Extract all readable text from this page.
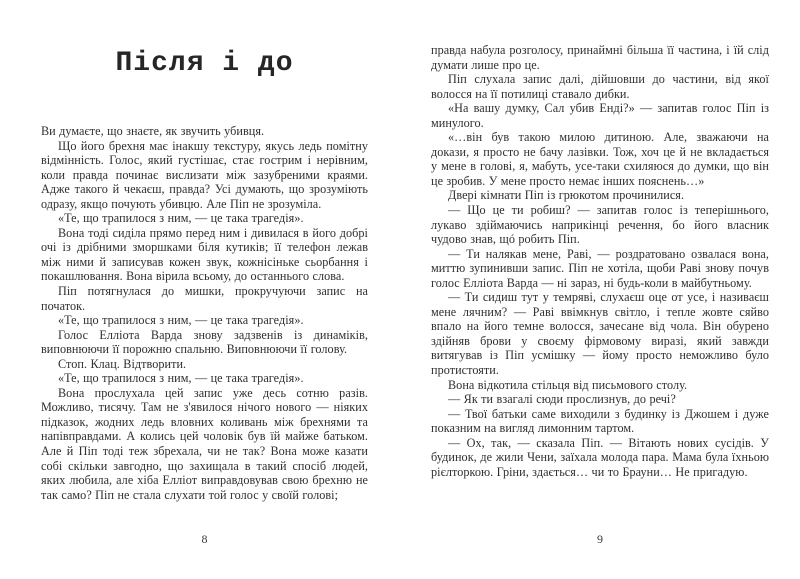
Після і до

Ви думаєте, що знаєте, як звучить убивця.

Що його брехня має інакшу текстуру, якусь ледь помітну відмінність. Голос, який густішає, стає гострим і нерівним, коли правда починає вислизати між зазубреними краями. Адже такого й чекаєш, правда? Усі думають, що зрозуміють одразу, якщо почують убивцю. Але Піп не зрозуміла.

«Те, що трапилося з ним, — це така трагедія».

Вона тоді сиділа прямо перед ним і дивилася в його добрі очі із дрібними зморшками біля кутиків; її телефон лежав між ними й записував кожен звук, кожнісіньке сьорбання і покашлювання. Вона вірила всьому, до останнього слова.

Піп потягнулася до мишки, прокручуючи запис на початок.

«Те, що трапилося з ним, — це така трагедія».

Голос Елліота Варда знову задзвенів із динаміків, виповнюючи її порожню спальню. Виповнюючи її голову.

Стоп. Клац. Відтворити.

«Те, що трапилося з ним, — це така трагедія».

Вона прослухала цей запис уже десь сотню разів. Можливо, тисячу. Там не з'явилося нічого нового — ніяких підказок, жодних ледь вловних коливань між брехнями та напівправдами. А колись цей чоловік був їй майже батьком. Але й Піп тоді теж збрехала, чи не так? Вона може казати собі скільки завгодно, що захищала в такий спосіб людей, яких любила, але хіба Елліот виправдовував свою брехню не так само? Піп не стала слухати той голос у своїй голові;

8

правда набула розголосу, принаймні більша її частина, і їй слід думати лише про це.

Піп слухала запис далі, дійшовши до частини, від якої волосся на її потилиці ставало дибки.

«На вашу думку, Сал убив Енді?» — запитав голос Піп із минулого.

«…він був такою милою дитиною. Але, зважаючи на докази, я просто не бачу лазівки. Тож, хоч це й не вкладається у мене в голові, я, мабуть, усе-таки схиляюся до думки, що він це зробив. У мене просто немає інших пояснень…»

Двері кімнати Піп із грюкотом прочинилися.

— Що це ти робиш? — запитав голос із теперішнього, лукаво здіймаючись наприкінці речення, бо його власник чудово знав, щó робить Піп.

— Ти налякав мене, Раві, — роздратовано озвалася вона, миттю зупинивши запис. Піп не хотіла, щоби Раві знову почув голос Елліота Варда — ні зараз, ні будь-коли в майбутньому.

— Ти сидиш тут у темряві, слухаєш оце от усе, і називаєш мене лячним? — Раві ввімкнув світло, і тепле жовте сяйво впало на його темне волосся, зачесане від чола. Він обурено здійняв брови у своєму фірмовому виразі, який завжди витягував із Піп усмішку — йому просто неможливо було протистояти.

Вона відкотила стільця від письмового столу.

— Як ти взагалі сюди прослизнув, до речі?

— Твої батьки саме виходили з будинку із Джошем і дуже показним на вигляд лимонним тартом.

— Ох, так, — сказала Піп. — Вітають нових сусідів. У будинок, де жили Чени, заїхала молода пара. Мама була їхньою рієлторкою. Гріни, здається… чи то Брауни… Не пригадую.

9
